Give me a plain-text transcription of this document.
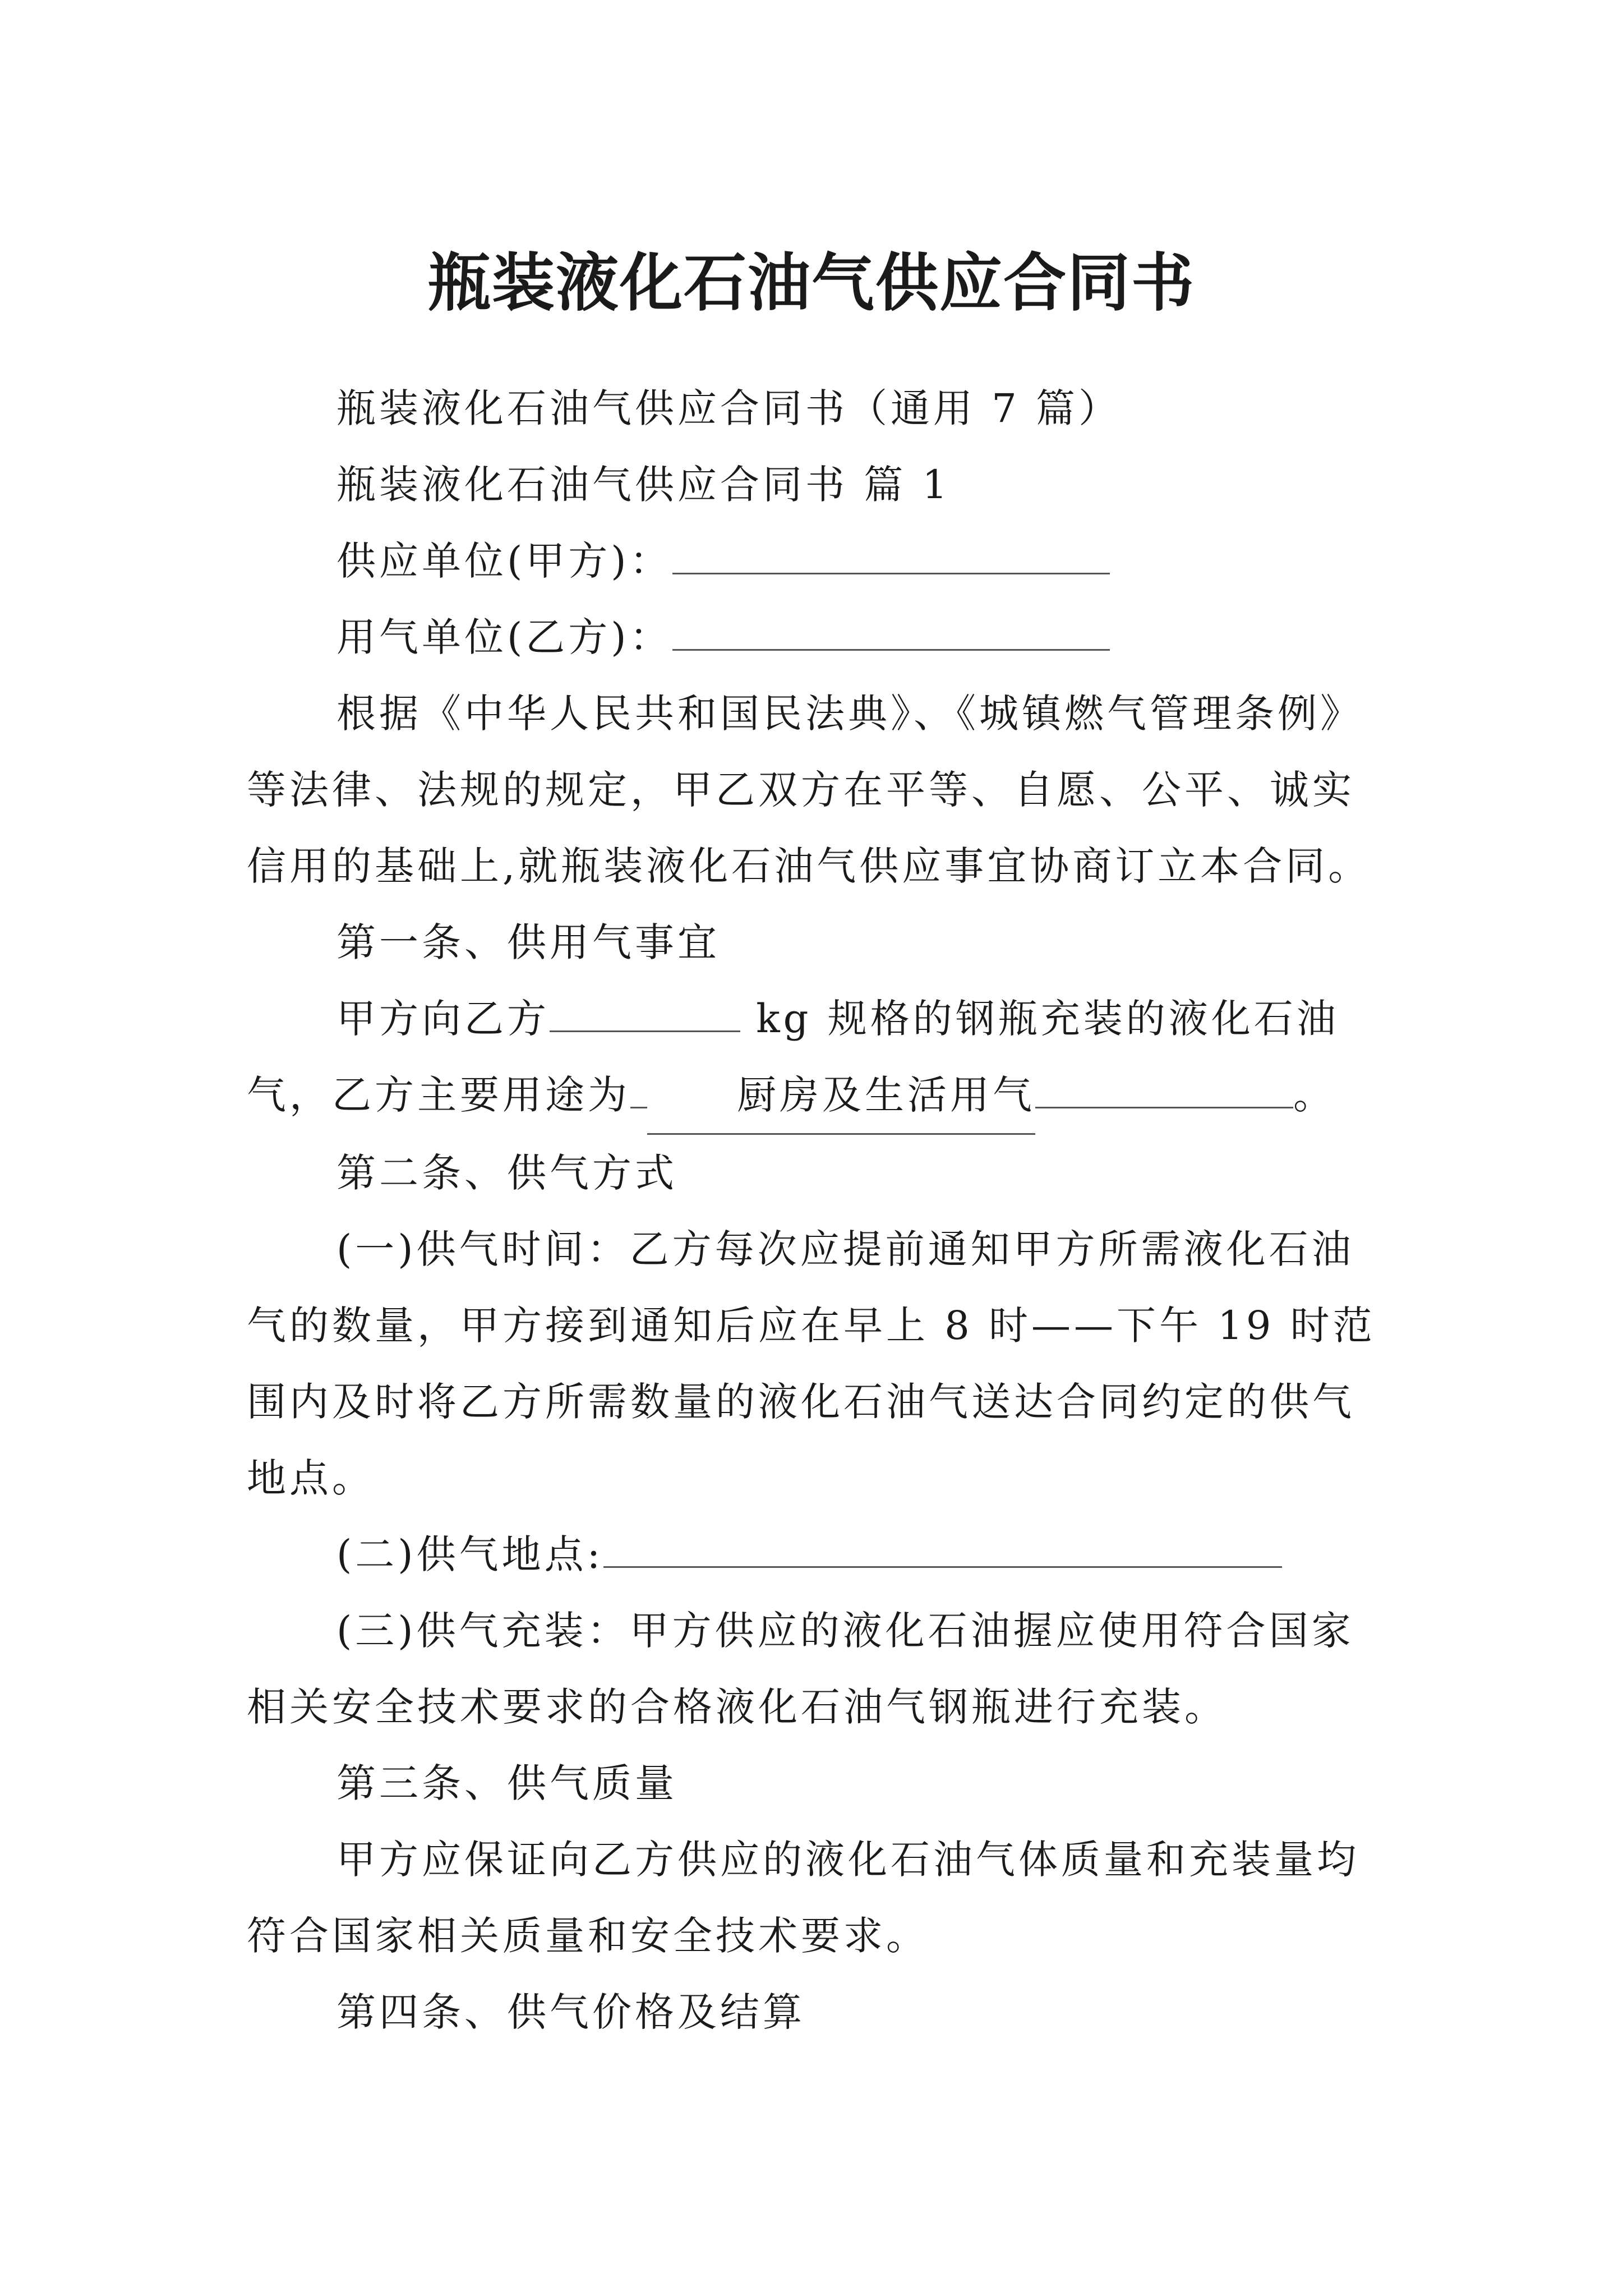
瓶装液化石油气供应合同书

瓶装液化石油气供应合同书（通用 7 篇）

瓶装液化石油气供应合同书 篇 1

供应单位(甲方)：

用气单位(乙方)：

根据《中华人民共和国民法典》、《城镇燃气管理条例》等法律、法规的规定，甲乙双方在平等、自愿、公平、诚实信用的基础上,就瓶装液化石油气供应事宜协商订立本合同。

第一条、供用气事宜

甲方向乙方	kg 规格的钢瓶充装的液化石油气，乙方主要用途为	厨房及生活用气	。

第二条、供气方式

(一)供气时间：乙方每次应提前通知甲方所需液化石油气的数量，甲方接到通知后应在早上 8 时——下午 19 时范围内及时将乙方所需数量的液化石油气送达合同约定的供气地点。

(二)供气地点:

(三)供气充装：甲方供应的液化石油握应使用符合国家相关安全技术要求的合格液化石油气钢瓶进行充装。

第三条、供气质量

甲方应保证向乙方供应的液化石油气体质量和充装量均符合国家相关质量和安全技术要求。

第四条、供气价格及结算
